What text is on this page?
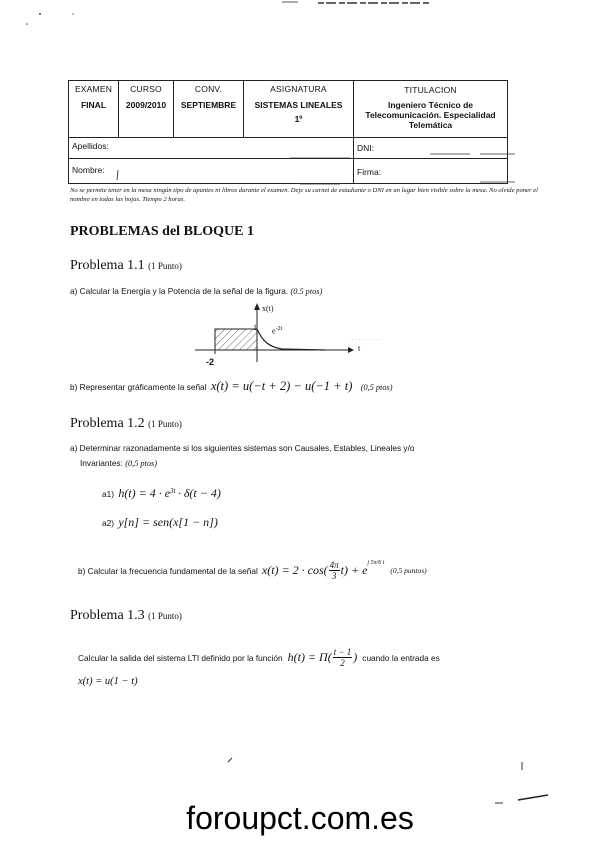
EXAMEN
FINAL
CURSO
2009/2010
CONV.
SEPTIEMBRE
ASIGNATURA
SISTEMAS LINEALES
1º
TITULACION
Ingeniero Técnico de Telecomunicación. Especialidad Telemática
Apellidos:	DNI:
Nombre:	Firma:
No se permite tener en la mesa ningún tipo de apuntes ni libros durante el examen. Deje su carnet de estudiante o DNI en un lugar bien visible sobre la mesa. No olvide poner el nombre en todas las hojas. Tiempo 2 horas.
PROBLEMAS del BLOQUE 1
Problema 1.1 (1 Punto)
a) Calcular la Energía y la Potencia de la señal de la figura. (0.5 ptos)
· · · · · · · · · ·
x(t)
1 $e^{-2t}$
t
-2
b) Representar gráficamente la señal x(t) = u(−t + 2) − u(−1 + t) (0,5 ptos)
Problema 1.2 (1 Punto)
a) Determinar razonadamente si los siguientes sistemas son Causales, Estables, Lineales y/o
Invariantes: (0,5 ptos)
a1) $h(t) = 4 \cdot e^{3t} \cdot \delta(t - 4)$
a2) y[n] = sen(x[1 − n])
b) Calcular la frecuencia fundamental de la señal $x(t) = 2 \cdot \cos( \frac{4\pi}{3} t) + e^{j 5\pi/6 t}$
(0,5 puntos)
Problema 1.3 (1 Punto)
Calcular la salida del sistema LTI definido por la función $h(t) = \Pi( \frac{t - 1}{2}$ ) cuando la entrada es
x(t) = u(1 − t)
foroupct.com.es
